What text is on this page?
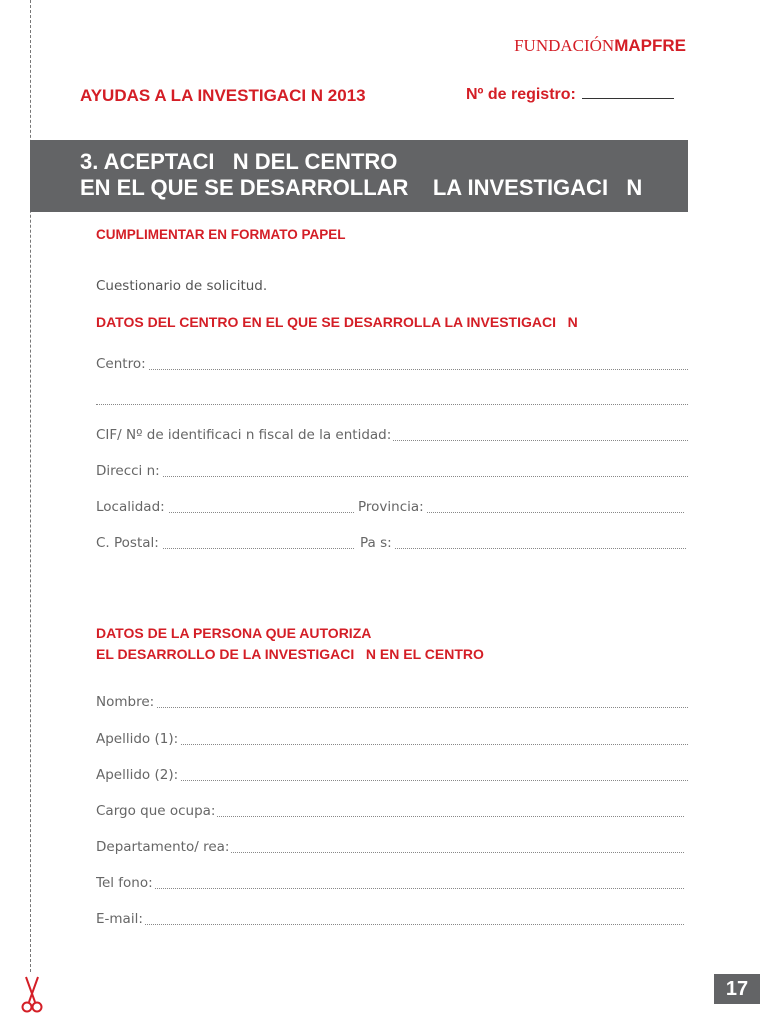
FUNDACIÓNMAPFRE
AYUDAS A LA INVESTIGACI N 2013	Nº de registro:
3. ACEPTACI   N DEL CENTRO
EN EL QUE SE DESARROLLAR    LA INVESTIGACI   N
CUMPLIMENTAR EN FORMATO PAPEL
Cuestionario de solicitud.
DATOS DEL CENTRO EN EL QUE SE DESARROLLA LA INVESTIGACI   N
Centro:
CIF/ Nº de identificaci n fiscal de la entidad:
Direcci n:
Localidad:	Provincia:
C. Postal:	Pa s:
DATOS DE LA PERSONA QUE AUTORIZA
EL DESARROLLO DE LA INVESTIGACI   N EN EL CENTRO
Nombre:
Apellido (1):
Apellido (2):
Cargo que ocupa:
Departamento/ rea:
Tel fono:
E-mail:
17
